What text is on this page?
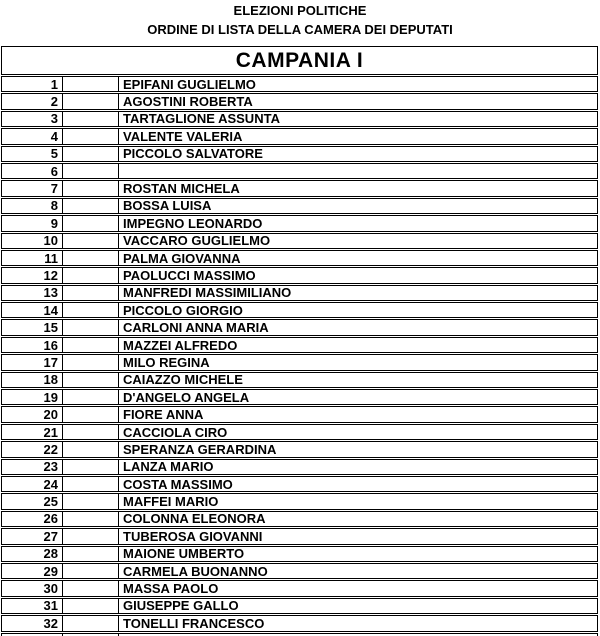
ELEZIONI POLITICHE
ORDINE DI LISTA DELLA CAMERA DEI DEPUTATI
CAMPANIA I
1	EPIFANI GUGLIELMO
2	AGOSTINI ROBERTA
3	TARTAGLIONE ASSUNTA
4	VALENTE VALERIA
5	PICCOLO SALVATORE
6
7	ROSTAN MICHELA
8	BOSSA LUISA
9	IMPEGNO LEONARDO
10	VACCARO GUGLIELMO
11	PALMA GIOVANNA
12	PAOLUCCI MASSIMO
13	MANFREDI MASSIMILIANO
14	PICCOLO GIORGIO
15	CARLONI ANNA MARIA
16	MAZZEI ALFREDO
17	MILO REGINA
18	CAIAZZO MICHELE
19	D'ANGELO ANGELA
20	FIORE ANNA
21	CACCIOLA CIRO
22	SPERANZA GERARDINA
23	LANZA MARIO
24	COSTA MASSIMO
25	MAFFEI MARIO
26	COLONNA ELEONORA
27	TUBEROSA GIOVANNI
28	MAIONE UMBERTO
29	CARMELA BUONANNO
30	MASSA PAOLO
31	GIUSEPPE GALLO
32	TONELLI FRANCESCO
